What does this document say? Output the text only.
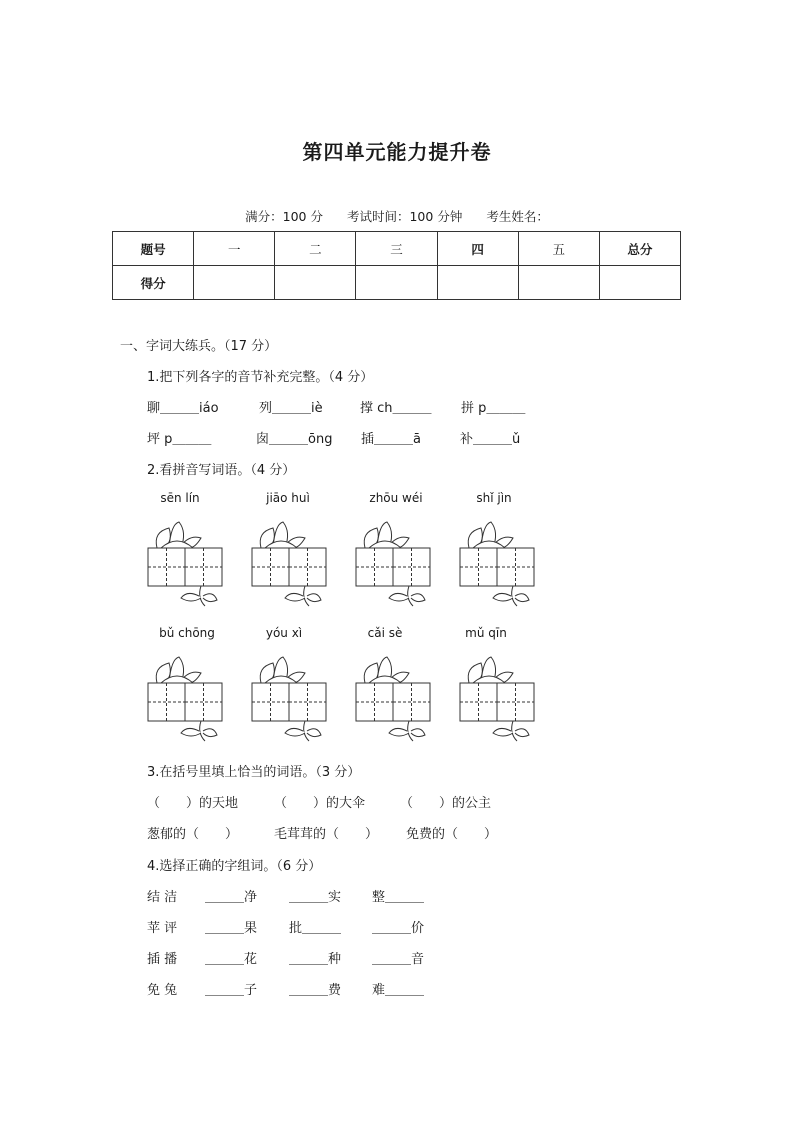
第四单元能力提升卷
满分：100 分 考试时间：100 分钟 考生姓名：
题号	一	二	三	四	五	总分
得分						
一、字词大练兵。（17 分）
1.把下列各字的音节补充完整。（4 分）
聊＿＿＿iáo	列＿＿＿iè	撑 ch＿＿＿ 拼 p＿＿＿
坪 p＿＿＿	囱＿＿＿ōng 插＿＿＿ā	补＿＿＿ǔ
2.看拼音写词语。（4 分）
sēn lín	jiāo huì	zhōu wéi	shǐ jìn
bǔ chōng	yóu xì	cǎi sè	mǔ qīn
3.在括号里填上恰当的词语。（3 分）
（　　）的天地	（　　）的大伞	（　　）的公主
葱郁的（　　）	毛茸茸的（　　） 免费的（　　）
4.选择正确的字组词。（6 分）
结 洁 ＿＿＿净 ＿＿＿实 整＿＿＿
苹 评 ＿＿＿果 批＿＿＿ ＿＿＿价
插 播 ＿＿＿花 ＿＿＿种 ＿＿＿音
免 兔 ＿＿＿子 ＿＿＿费 难＿＿＿
